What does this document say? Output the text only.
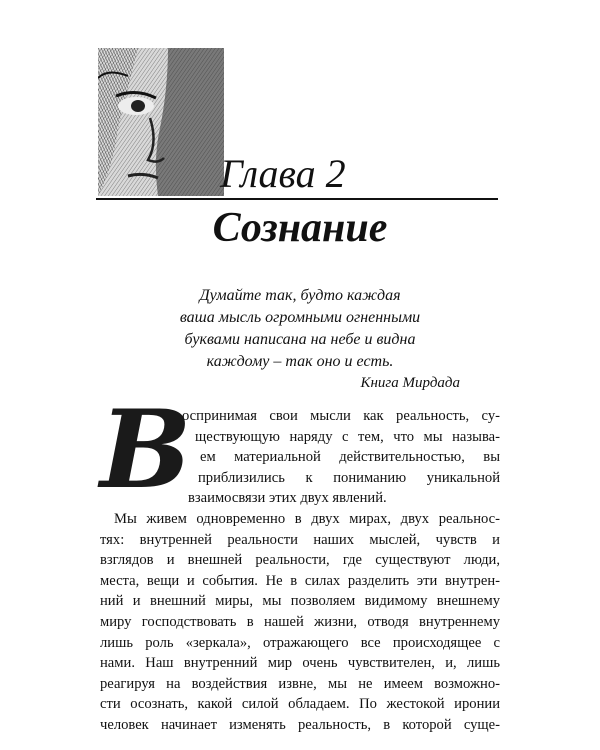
Глава 2
Сознание
Думайте так, будто каждая
ваша мысль огромными огненными
буквами написана на небе и видна
каждому – так оно и есть.
Книга Мирдада
В
оспринимая свои мысли как реальность, су-
ществующую наряду с тем, что мы называ-
ем материальной действительностью, вы
приблизились к пониманию уникальной
взаимосвязи этих двух явлений.
Мы живем одновременно в двух мирах, двух реальнос-
тях: внутренней реальности наших мыслей, чувств и
взглядов и внешней реальности, где существуют люди,
места, вещи и события. Не в силах разделить эти внутрен-
ний и внешний миры, мы позволяем видимому внешнему
миру господствовать в нашей жизни, отводя внутреннему
лишь роль «зеркала», отражающего все происходящее с
нами. Наш внутренний мир очень чувствителен, и, лишь
реагируя на воздействия извне, мы не имеем возможно-
сти осознать, какой силой обладаем. По жестокой иронии
человек начинает изменять реальность, в которой суще-
